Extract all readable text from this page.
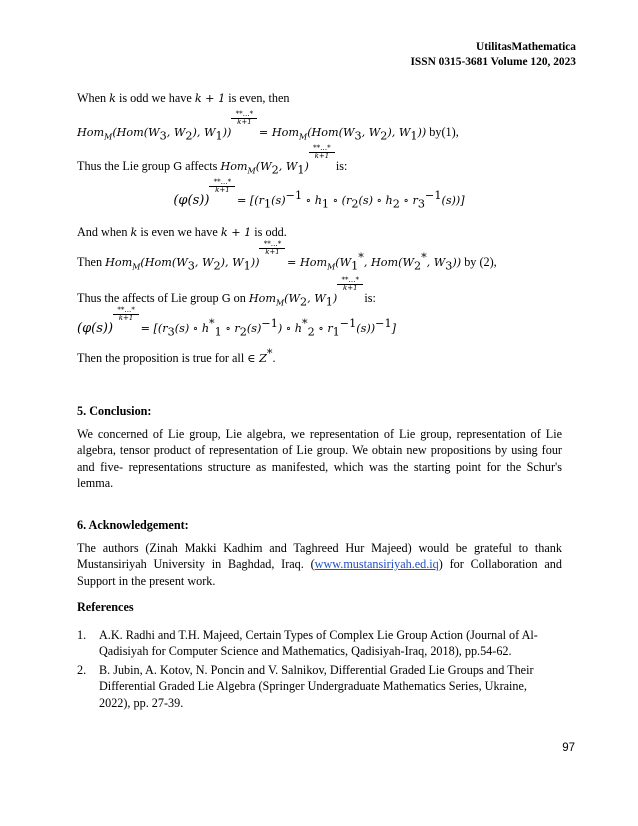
UtilitasMathematica
ISSN 0315-3681 Volume 120, 2023
When k is odd we have k + 1 is even, then
$Hom_M(Hom(W_3$, $W_2$), $W_1$))
**…*
k+1
= $Hom_M(Hom(W_3$, $W_2$), $W_1$)) by(1),
Thus the Lie group G affects $Hom_M(W_2$, $W_1$)
**…*
k+1
is:
(φ(s))
**…*
k+1
= [($r_1(s)^{-1}$ ∘ $h_1$ ∘ ($r_2(s)$ ∘ $h_2$ ∘ $r_3^{-1}(s)$)]
And when k is even we have k + 1 is odd.
Then $Hom_M(Hom(W_3$, $W_2$), $W_1$))
**…*
k+1
= $Hom_M(W_1^*$, $Hom(W_2^*$, $W_3$)) by (2),
Thus the affects of Lie group G on $Hom_M(W_2$, $W_1$)
**…*
k+1
is:
(φ(s))
**…*
k+1
= [($r_3(s)$ ∘ $h^*_1$ ∘ $r_2(s)^{-1}$) ∘ $h^*_2$ ∘ $r_1^{-1}(s))^{-1}$]
Then the proposition is true for all ∈ Z*.
5. Conclusion:
We concerned of Lie group, Lie algebra, we representation of Lie group, representation of Lie algebra, tensor product of representation of Lie group. We obtain new propositions by using four and five- representations structure as manifested, which was the starting point for the Schur's lemma.
6. Acknowledgement:
The authors (Zinah Makki Kadhim and Taghreed Hur Majeed) would be grateful to thank Mustansiriyah University in Baghdad, Iraq. (www.mustansiriyah.ed.iq) for Collaboration and Support in the present work.
References
1. A.K. Radhi and T.H. Majeed, Certain Types of Complex Lie Group Action (Journal of Al-Qadisiyah for Computer Science and Mathematics, Qadisiyah-Iraq, 2018), pp.54-62.
2. B. Jubin, A. Kotov, N. Poncin and V. Salnikov, Differential Graded Lie Groups and Their Differential Graded Lie Algebra (Springer Undergraduate Mathematics Series, Ukraine, 2022), pp. 27-39.
97
